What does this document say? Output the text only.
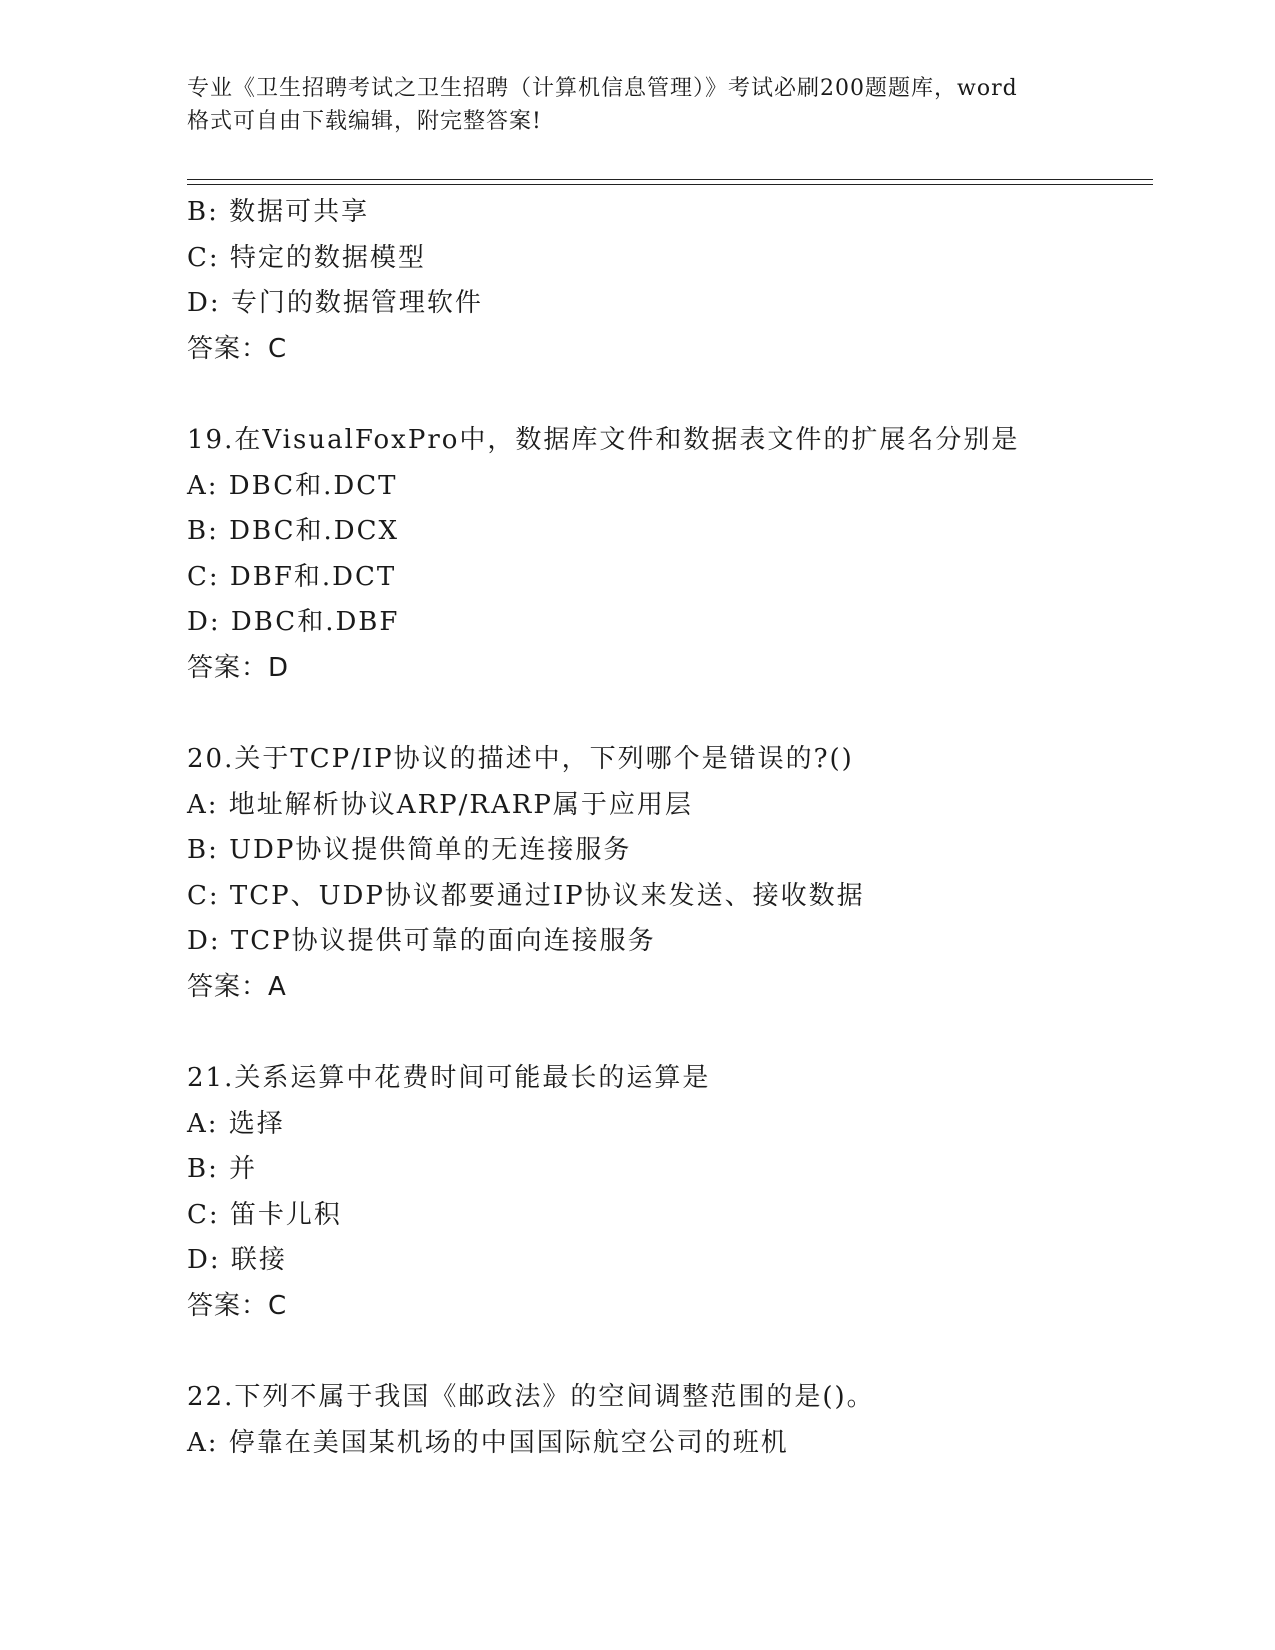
专业《卫生招聘考试之卫生招聘（计算机信息管理）》考试必刷200题题库，word
格式可自由下载编辑，附完整答案!
B: 数据可共享
C: 特定的数据模型
D: 专门的数据管理软件
答案：C
19.在VisualFoxPro中，数据库文件和数据表文件的扩展名分别是
A: DBC和.DCT
B: DBC和.DCX
C: DBF和.DCT
D: DBC和.DBF
答案：D
20.关于TCP/IP协议的描述中，下列哪个是错误的?()
A: 地址解析协议ARP/RARP属于应用层
B: UDP协议提供简单的无连接服务
C: TCP、UDP协议都要通过IP协议来发送、接收数据
D: TCP协议提供可靠的面向连接服务
答案：A
21.关系运算中花费时间可能最长的运算是
A: 选择
B: 并
C: 笛卡儿积
D: 联接
答案：C
22.下列不属于我国《邮政法》的空间调整范围的是()。
A: 停靠在美国某机场的中国国际航空公司的班机
